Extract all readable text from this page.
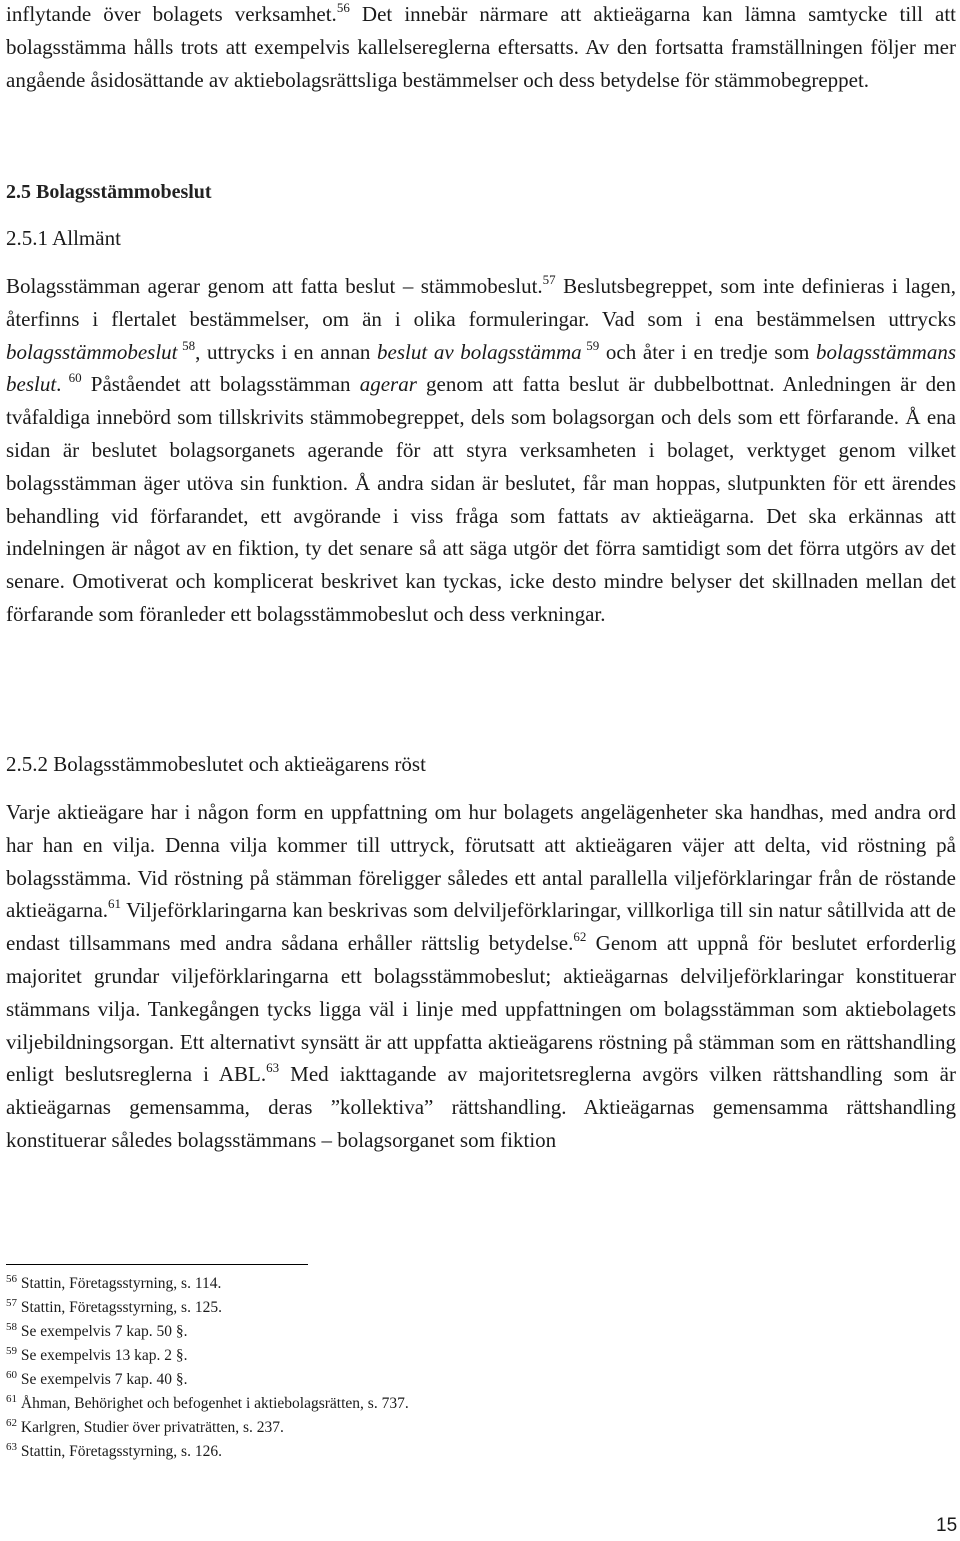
inflytande över bolagets verksamhet.$^{56}$ Det innebär närmare att aktieägarna kan lämna samtycke till att bolagsstämma hålls trots att exempelvis kallelsereglerna eftersatts. Av den fortsatta framställningen följer mer angående åsidosättande av aktiebolagsrättsliga bestämmelser och dess betydelse för stämmobegreppet.

2.5 Bolagsstämmobeslut
2.5.1 Allmänt

Bolagsstämman agerar genom att fatta beslut – stämmobeslut.$^{57}$ Beslutsbegreppet, som inte definieras i lagen, återfinns i flertalet bestämmelser, om än i olika formuleringar. Vad som i ena bestämmelsen uttrycks bolagsstämmobeslut $^{58}$, uttrycks i en annan beslut av bolagsstämma $^{59}$ och åter i en tredje som bolagsstämmans beslut. $^{60}$ Påståendet att bolagsstämman agerar genom att fatta beslut är dubbelbottnat. Anledningen är den tvåfaldiga innebörd som tillskrivits stämmobegreppet, dels som bolagsorgan och dels som ett förfarande. Å ena sidan är beslutet bolagsorganets agerande för att styra verksamheten i bolaget, verktyget genom vilket bolagsstämman äger utöva sin funktion. Å andra sidan är beslutet, får man hoppas, slutpunkten för ett ärendes behandling vid förfarandet, ett avgörande i viss fråga som fattats av aktieägarna. Det ska erkännas att indelningen är något av en fiktion, ty det senare så att säga utgör det förra samtidigt som det förra utgörs av det senare. Omotiverat och komplicerat beskrivet kan tyckas, icke desto mindre belyser det skillnaden mellan det förfarande som föranleder ett bolagsstämmobeslut och dess verkningar.

2.5.2 Bolagsstämmobeslutet och aktieägarens röst

Varje aktieägare har i någon form en uppfattning om hur bolagets angelägenheter ska handhas, med andra ord har han en vilja. Denna vilja kommer till uttryck, förutsatt att aktieägaren väjer att delta, vid röstning på bolagsstämma. Vid röstning på stämman föreligger således ett antal parallella viljeförklaringar från de röstande aktieägarna.$^{61}$ Viljeförklaringarna kan beskrivas som delviljeförklaringar, villkorliga till sin natur såtillvida att de endast tillsammans med andra sådana erhåller rättslig betydelse.$^{62}$ Genom att uppnå för beslutet erforderlig majoritet grundar viljeförklaringarna ett bolagsstämmobeslut; aktieägarnas delviljeförklaringar konstituerar stämmans vilja. Tankegången tycks ligga väl i linje med uppfattningen om bolagsstämman som aktiebolagets viljebildningsorgan. Ett alternativt synsätt är att uppfatta aktieägarens röstning på stämman som en rättshandling enligt beslutsreglerna i ABL.$^{63}$ Med iakttagande av majoritetsreglerna avgörs vilken rättshandling som är aktieägarnas gemensamma, deras ”kollektiva” rättshandling. Aktieägarnas gemensamma rättshandling konstituerar således bolagsstämmans – bolagsorganet som fiktion

$^{56}$ Stattin, Företagsstyrning, s. 114.
$^{57}$ Stattin, Företagsstyrning, s. 125.
$^{58}$ Se exempelvis 7 kap. 50 §.
$^{59}$ Se exempelvis 13 kap. 2 §.
$^{60}$ Se exempelvis 7 kap. 40 §.
$^{61}$ Åhman, Behörighet och befogenhet i aktiebolagsrätten, s. 737.
$^{62}$ Karlgren, Studier över privaträtten, s. 237.
$^{63}$ Stattin, Företagsstyrning, s. 126.
15
